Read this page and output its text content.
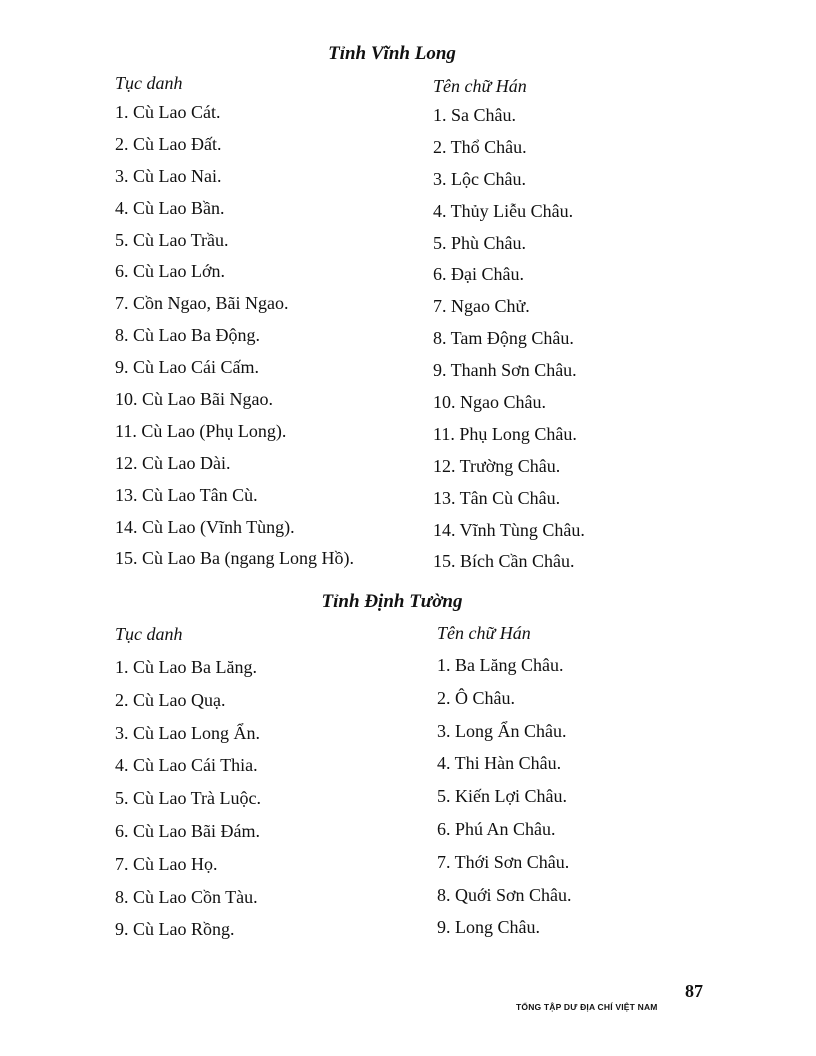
Tỉnh Vĩnh Long
Tục danh	Tên chữ Hán
1. Cù Lao Cát.
2. Cù Lao Đất.
3. Cù Lao Nai.
4. Cù Lao Bần.
5. Cù Lao Trầu.
6. Cù Lao Lớn.
7. Cồn Ngao, Bãi Ngao.
8. Cù Lao Ba Động.
9. Cù Lao Cái Cấm.
10. Cù Lao Bãi Ngao.
11. Cù Lao (Phụ Long).
12. Cù Lao Dài.
13. Cù Lao Tân Cù.
14. Cù Lao (Vĩnh Tùng).
15. Cù Lao Ba (ngang Long Hồ).
1. Sa Châu.
2. Thổ Châu.
3. Lộc Châu.
4. Thủy Liễu Châu.
5. Phù Châu.
6. Đại Châu.
7. Ngao Chử.
8. Tam Động Châu.
9. Thanh Sơn Châu.
10. Ngao Châu.
11. Phụ Long Châu.
12. Trường Châu.
13. Tân Cù Châu.
14. Vĩnh Tùng Châu.
15. Bích Cần Châu.
Tỉnh Định Tường
Tục danh	Tên chữ Hán
1. Cù Lao Ba Lăng.
2. Cù Lao Quạ.
3. Cù Lao Long Ẩn.
4. Cù Lao Cái Thia.
5. Cù Lao Trà Luộc.
6. Cù Lao Bãi Đám.
7. Cù Lao Họ.
8. Cù Lao Cồn Tàu.
9. Cù Lao Rồng.
1. Ba Lăng Châu.
2. Ô Châu.
3. Long Ẩn Châu.
4. Thi Hàn Châu.
5. Kiến Lợi Châu.
6. Phú An Châu.
7. Thới Sơn Châu.
8. Quới Sơn Châu.
9. Long Châu.
87
TỔNG TẬP DƯ ĐỊA CHÍ VIỆT NAM
